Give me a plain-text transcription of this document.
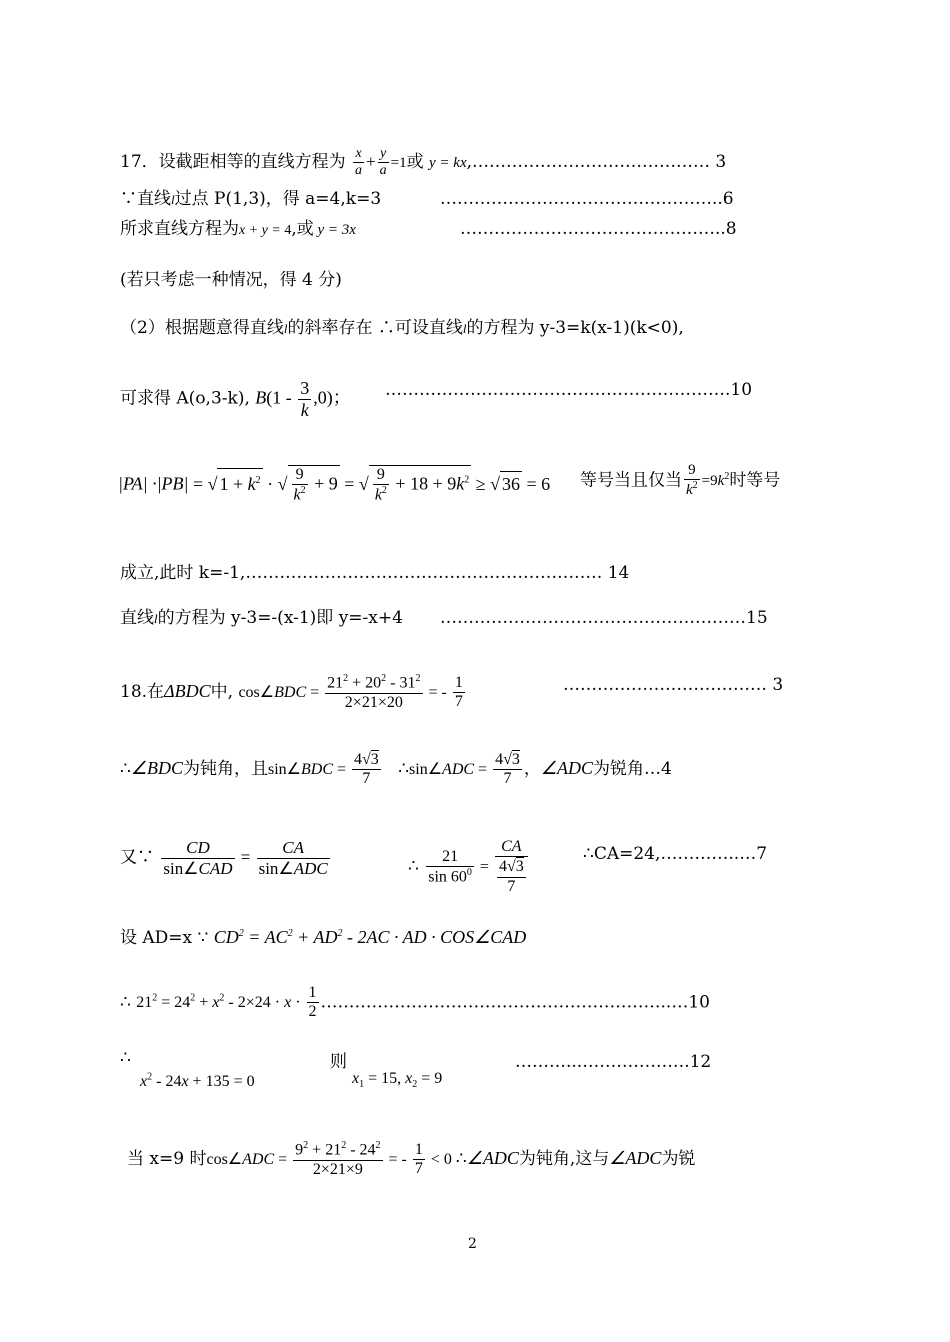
17．设截距相等的直线方程为 $\frac{x}{a} + \frac{y}{a} =1$或 y = kx,…………………………………… 3
∵直线l过点 P(1,3)，得 a=4,k=3	…………………………………………..6
所求直线方程为x + y = 4,或 y = 3x	………………………………………..8
(若只考虑一种情况，得 4 分)
（2）根据题意得直线l的斜率存在 ∴可设直线l的方程为 y-3=k(x-1)(k<0),
可求得 A(o,3-k), $B(1 - \frac{3}{k} ,0)$； …………………………………………………….10
|PA| ·|PB| = √ $1 + k^2$ · √ $\frac{9}{k^2} + 9$ = √ $\frac{9}{k^2} + 18 + 9k^2$ ≥ √ 36 = 6 等号当且仅当 $\frac{9}{k^2} =9k^2$时等号
成立,此时 k=-1,……………………………………………………… 14
直线l的方程为 y-3=-(x-1)即 y=-x+4 ………………………………………………15
18.在ΔBDC中, cos∠BDC = $\frac{21^2 + 20^2 - 31^2}{2\times 21\times 20}$ = - $\frac{1}{7}$	……………………………… 3
∴∠BDC为钝角，且sin∠BDC = $\frac{4√3}{7}$ ∴sin∠ADC = $\frac{4√3}{7}$ ，∠ADC为锐角…4
又∵ $\frac{CD}{\text{sin∠CAD}} = \frac{CA}{\text{sin∠ADC}}$	∴ $\frac{21}{\sin 60^0} = \frac{CA}{\frac{4√3}{7}}$	∴CA=24,…………..…7
设 AD=x ∵ $CD^2 = AC^2 + AD^2 - 2AC$ · AD · COS∠CAD
∴ $21^2 = 24^2 + x^2 - 2\times 24 \cdot x \cdot \frac{1}{2}$ ……………………………………………………..…10
∴
$x^2 - 24x + 135 = 0$
则
$x_1 = 15$, $x_2 = 9$
………...……………….12
当 x=9 时cos∠ADC = $\frac{9^2 + 21^2 - 24^2}{2\times 21\times 9}$ = - $\frac{1}{7} < 0$ ∴∠ADC为钝角,这与∠ADC为锐
2
